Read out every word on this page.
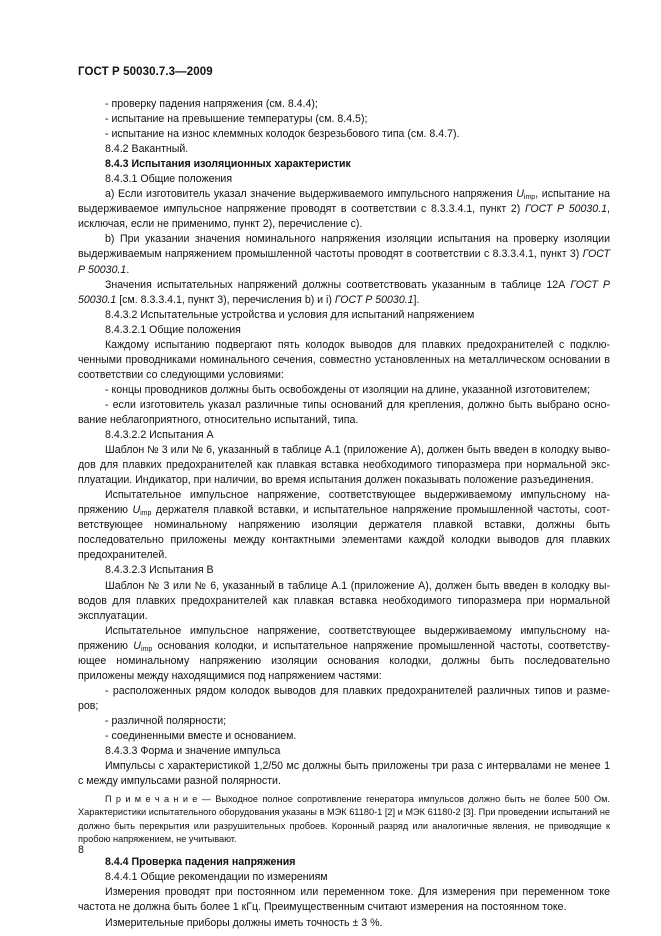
ГОСТ Р 50030.7.3—2009

- проверку падения напряжения (см. 8.4.4);

- испытание на превышение температуры (см. 8.4.5);

- испытание на износ клеммных колодок безрезьбового типа (см. 8.4.7).

8.4.2 Вакантный.

8.4.3 Испытания изоляционных характеристик

8.4.3.1 Общие положения

а) Если изготовитель указал значение выдерживаемого импульсного напряжения $U_{imp}$, испытание на выдерживаемое импульсное напряжение проводят в соответствии с 8.3.3.4.1, пункт 2) ГОСТ Р 50030.1, исключая, если не применимо, пункт 2), перечисление с).

b) При указании значения номинального напряжения изоляции испытания на проверку изоляции выдерживаемым напряжением промышленной частоты проводят в соответствии с 8.3.3.4.1, пункт 3) ГОСТ Р 50030.1.

Значения испытательных напряжений должны соответствовать указанным в таблице 12А ГОСТ Р 50030.1 [см. 8.3.3.4.1, пункт 3), перечисления b) и i) ГОСТ Р 50030.1].

8.4.3.2 Испытательные устройства и условия для испытаний напряжением

8.4.3.2.1 Общие положения

Каждому испытанию подвергают пять колодок выводов для плавких предохранителей с подключенными проводниками номинального сечения, совместно установленных на металлическом основании в соответствии со следующими условиями:

- концы проводников должны быть освобождены от изоляции на длине, указанной изготовителем;

- если изготовитель указал различные типы оснований для крепления, должно быть выбрано основание неблагоприятного, относительно испытаний, типа.

8.4.3.2.2 Испытания А

Шаблон № 3 или № 6, указанный в таблице А.1 (приложение А), должен быть введен в колодку выводов для плавких предохранителей как плавкая вставка необходимого типоразмера при нормальной эксплуатации. Индикатор, при наличии, во время испытания должен показывать положение разъединения.

Испытательное импульсное напряжение, соответствующее выдерживаемому импульсному напряжению $U_{imp}$ держателя плавкой вставки, и испытательное напряжение промышленной частоты, соответствующее номинальному напряжению изоляции держателя плавкой вставки, должны быть последовательно приложены между контактными элементами каждой колодки выводов для плавких предохранителей.

8.4.3.2.3 Испытания В

Шаблон № 3 или № 6, указанный в таблице А.1 (приложение А), должен быть введен в колодку выводов для плавких предохранителей как плавкая вставка необходимого типоразмера при нормальной эксплуатации.

Испытательное импульсное напряжение, соответствующее выдерживаемому импульсному напряжению $U_{imp}$ основания колодки, и испытательное напряжение промышленной частоты, соответствующее номинальному напряжению изоляции основания колодки, должны быть последовательно приложены между находящимися под напряжением частями:

- расположенных рядом колодок выводов для плавких предохранителей различных типов и размеров;

- различной полярности;

- соединенными вместе и основанием.

8.4.3.3 Форма и значение импульса

Импульсы с характеристикой 1,2/50 мс должны быть приложены три раза с интервалами не менее 1 с между импульсами разной полярности.

П р и м е ч а н и е — Выходное полное сопротивление генератора импульсов должно быть не более 500 Ом. Характеристики испытательного оборудования указаны в МЭК 61180-1 [2] и МЭК 61180-2 [3]. При проведении испытаний не должно быть перекрытия или разрушительных пробоев. Коронный разряд или аналогичные явления, не приводящие к пробою напряжением, не учитывают.

8.4.4 Проверка падения напряжения

8.4.4.1 Общие рекомендации по измерениям

Измерения проводят при постоянном или переменном токе. Для измерения при переменном токе частота не должна быть более 1 кГц. Преимущественным считают измерения на постоянном токе.

Измерительные приборы должны иметь точность ± 3 %.

8
